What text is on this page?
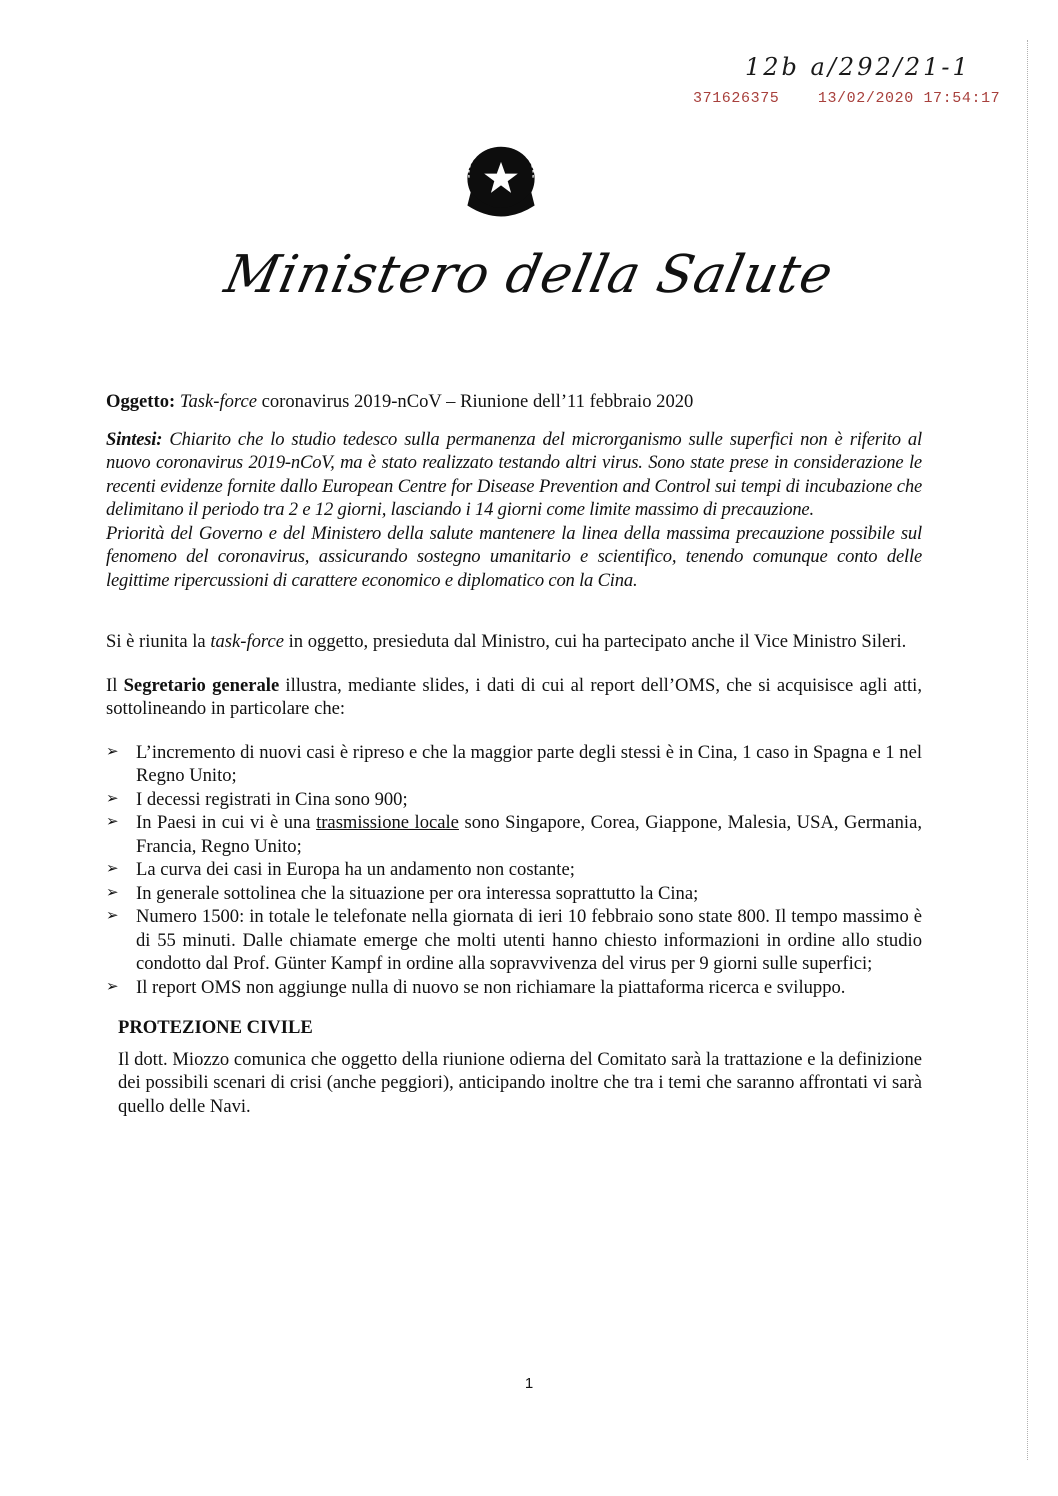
12b a/292/21-1
371626375	13/02/2020 17:54:17
Ministero della Salute

Oggetto: Task-force coronavirus 2019-nCoV – Riunione dell’11 febbraio 2020

Sintesi: Chiarito che lo studio tedesco sulla permanenza del microrganismo sulle superfici non è riferito al nuovo coronavirus 2019-nCoV, ma è stato realizzato testando altri virus. Sono state prese in considerazione le recenti evidenze fornite dallo European Centre for Disease Prevention and Control sui tempi di incubazione che delimitano il periodo tra 2 e 12 giorni, lasciando i 14 giorni come limite massimo di precauzione.

Priorità del Governo e del Ministero della salute mantenere la linea della massima precauzione possibile sul fenomeno del coronavirus, assicurando sostegno umanitario e scientifico, tenendo comunque conto delle legittime ripercussioni di carattere economico e diplomatico con la Cina.

Si è riunita la task-force in oggetto, presieduta dal Ministro, cui ha partecipato anche il Vice Ministro Sileri.

Il Segretario generale illustra, mediante slides, i dati di cui al report dell’OMS, che si acquisisce agli atti, sottolineando in particolare che:

➢ L’incremento di nuovi casi è ripreso e che la maggior parte degli stessi è in Cina, 1 caso in Spagna e 1 nel Regno Unito;
➢ I decessi registrati in Cina sono 900;
➢ In Paesi in cui vi è una trasmissione locale sono Singapore, Corea, Giappone, Malesia, USA, Germania, Francia, Regno Unito;
➢ La curva dei casi in Europa ha un andamento non costante;
➢ In generale sottolinea che la situazione per ora interessa soprattutto la Cina;
➢ Numero 1500: in totale le telefonate nella giornata di ieri 10 febbraio sono state 800. Il tempo massimo è di 55 minuti. Dalle chiamate emerge che molti utenti hanno chiesto informazioni in ordine allo studio condotto dal Prof. Günter Kampf in ordine alla sopravvivenza del virus per 9 giorni sulle superfici;
➢ Il report OMS non aggiunge nulla di nuovo se non richiamare la piattaforma ricerca e sviluppo.

PROTEZIONE CIVILE

Il dott. Miozzo comunica che oggetto della riunione odierna del Comitato sarà la trattazione e la definizione dei possibili scenari di crisi (anche peggiori), anticipando inoltre che tra i temi che saranno affrontati vi sarà quello delle Navi.

1
